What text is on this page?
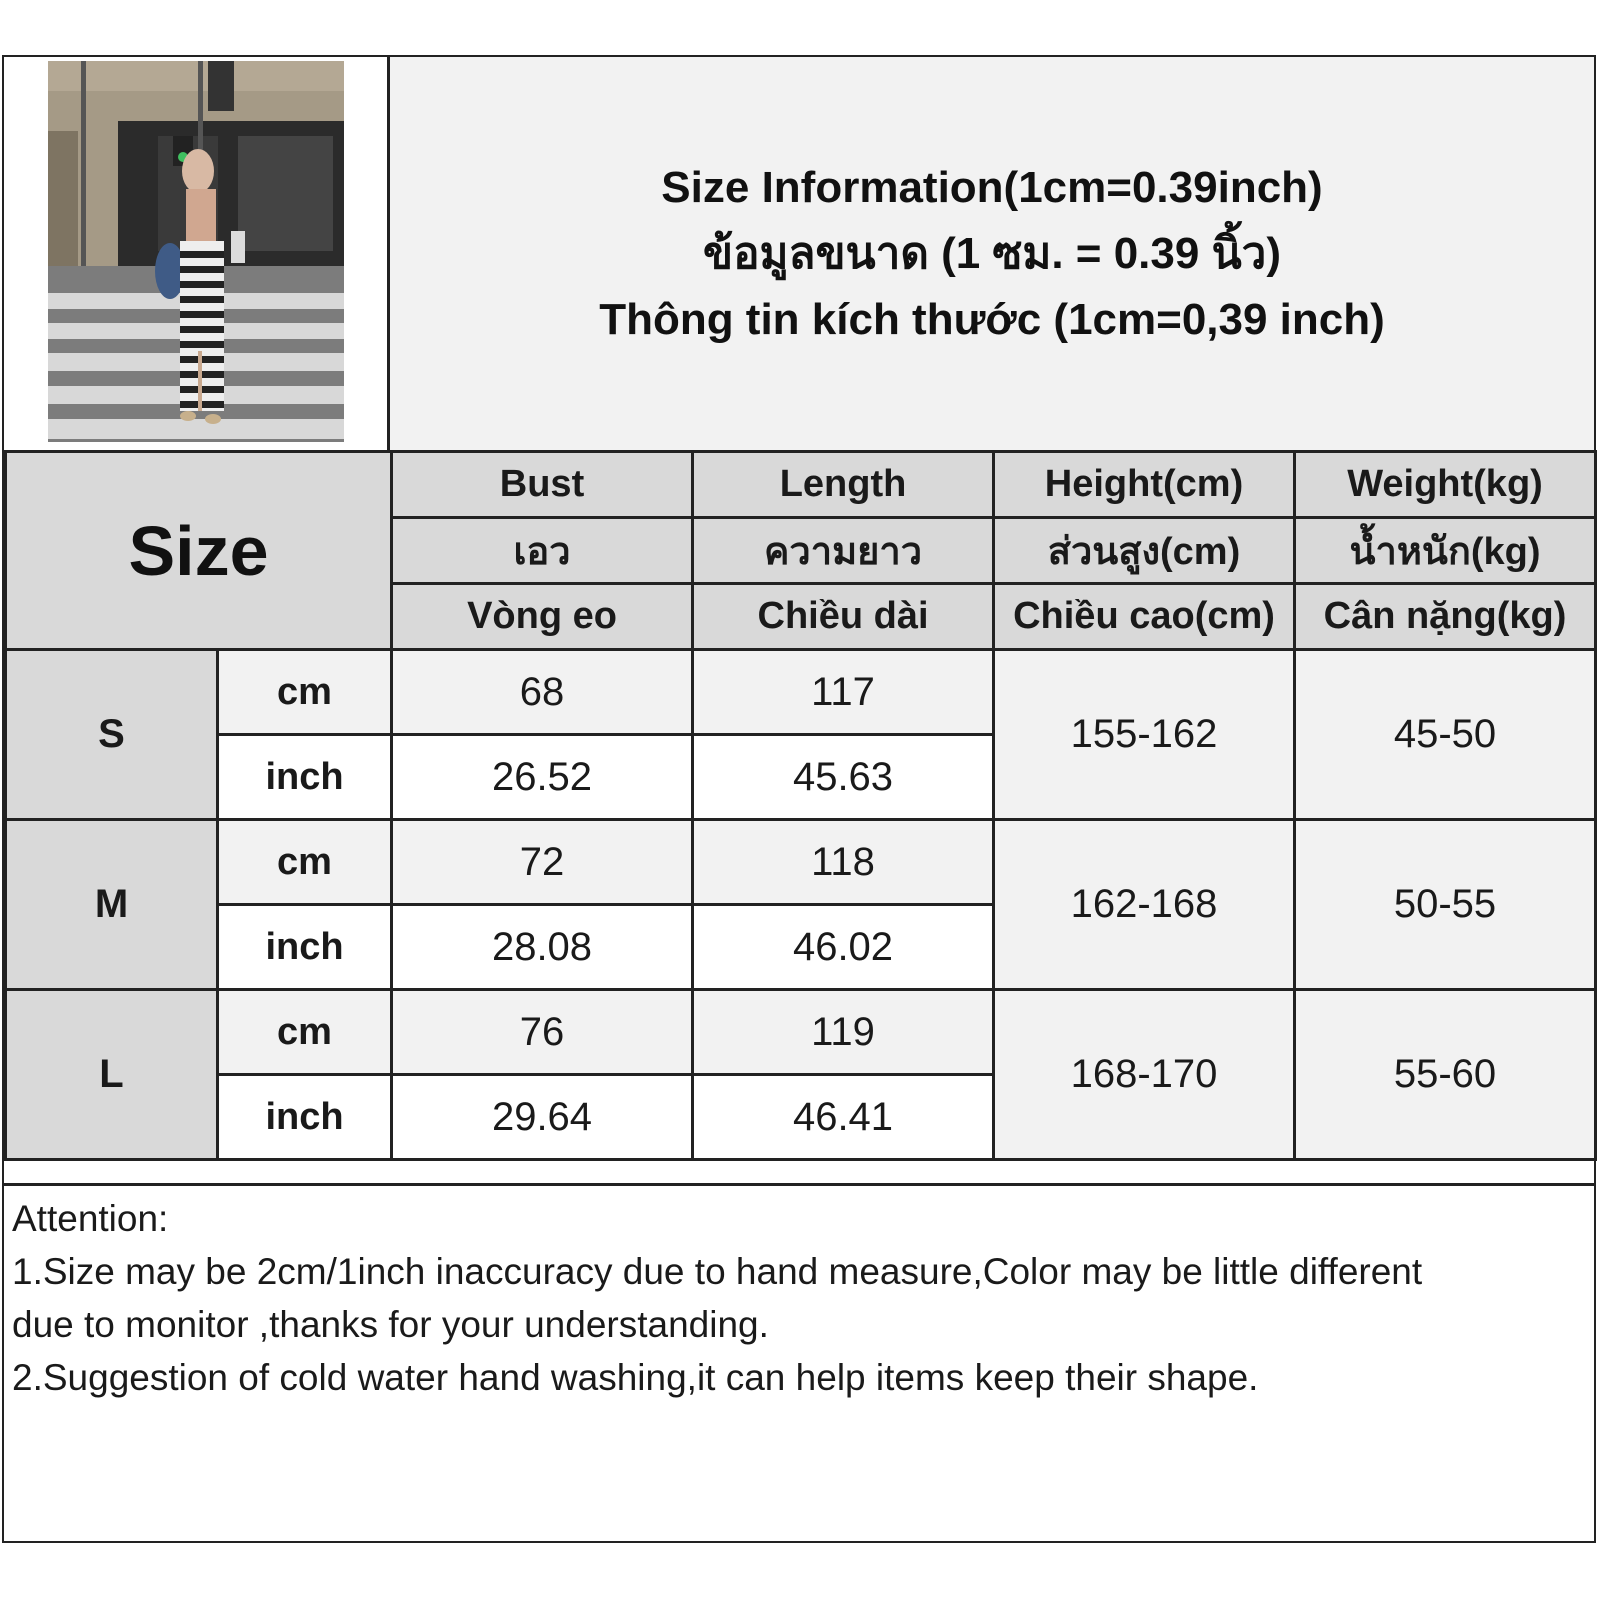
Size Information(1cm=0.39inch)
ข้อมูลขนาด (1 ซม. = 0.39 นิ้ว)
Thông tin kích thước (1cm=0,39 inch)
Size		Bust	Length	Height(cm)	Weight(kg)
		เอว	ความยาว	ส่วนสูง(cm)	น้ำหนัก(kg)
		Vòng eo	Chiều dài	Chiều cao(cm)	Cân nặng(kg)
S	cm	68	117	155-162	45-50
	inch	26.52	45.63		
M	cm	72	118	162-168	50-55
	inch	28.08	46.02		
L	cm	76	119	168-170	55-60
	inch	29.64	46.41		
Attention:
1.Size may be 2cm/1inch inaccuracy due to hand measure,Color may be little different
due to monitor ,thanks for your understanding.
2.Suggestion of cold water hand washing,it can help items keep their shape.
